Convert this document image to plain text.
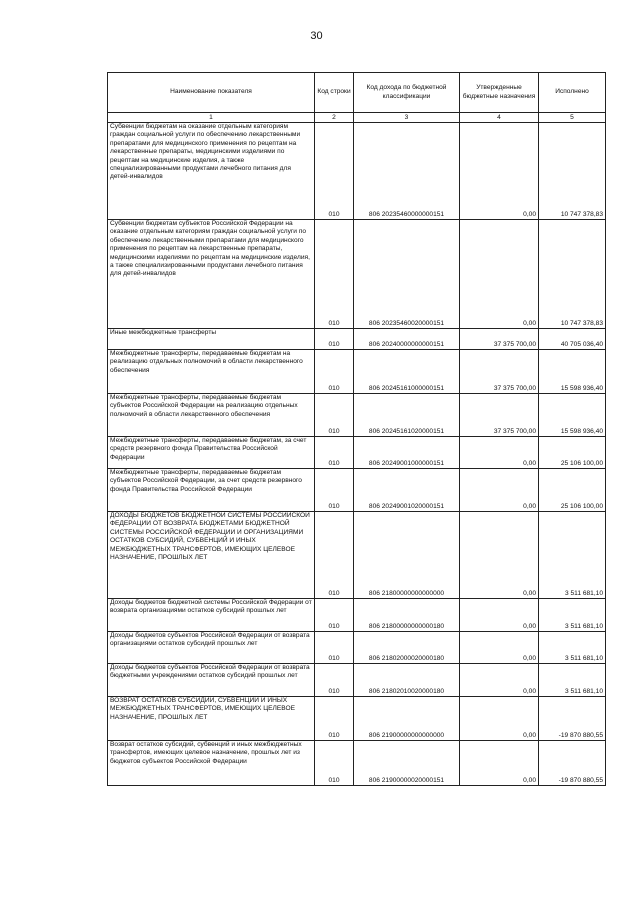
30
Наименование показателя	Код строки	Код дохода по бюджетной классификации	Утвержденные бюджетные назначения	Исполнено
1	2	3	4	5
Субвенции бюджетам на оказание отдельным категориям граждан социальной услуги по обеспечению лекарственными препаратами для медицинского применения по рецептам на лекарственные препараты, медицинскими изделиями по рецептам на медицинские изделия, а также специализированными продуктами лечебного питания для детей-инвалидов	010	806 20235460000000151	0,00	10 747 378,83
Субвенции бюджетам субъектов Российской Федерации на оказание отдельным категориям граждан социальной услуги по обеспечению лекарственными препаратами для медицинского применения по рецептам на лекарственные препараты, медицинскими изделиями по рецептам на медицинские изделия, а также специализированными продуктами лечебного питания для детей-инвалидов	010	806 20235460020000151	0,00	10 747 378,83
Иные межбюджетные трансферты	010	806 20240000000000151	37 375 700,00	40 705 036,40
Межбюджетные трансферты, передаваемые бюджетам на реализацию отдельных полномочий в области лекарственного обеспечения	010	806 20245161000000151	37 375 700,00	15 598 936,40
Межбюджетные трансферты, передаваемые бюджетам субъектов Российской Федерации на реализацию отдельных полномочий в области лекарственного обеспечения	010	806 20245161020000151	37 375 700,00	15 598 936,40
Межбюджетные трансферты, передаваемые бюджетам, за счет средств резервного фонда Правительства Российской Федерации	010	806 20249001000000151	0,00	25 106 100,00
Межбюджетные трансферты, передаваемые бюджетам субъектов Российской Федерации, за счет средств резервного фонда Правительства Российской Федерации	010	806 20249001020000151	0,00	25 106 100,00
ДОХОДЫ БЮДЖЕТОВ БЮДЖЕТНОЙ СИСТЕМЫ РОССИЙСКОЙ ФЕДЕРАЦИИ ОТ ВОЗВРАТА БЮДЖЕТАМИ БЮДЖЕТНОЙ СИСТЕМЫ РОССИЙСКОЙ ФЕДЕРАЦИИ И ОРГАНИЗАЦИЯМИ ОСТАТКОВ СУБСИДИЙ, СУБВЕНЦИЙ И ИНЫХ МЕЖБЮДЖЕТНЫХ ТРАНСФЕРТОВ, ИМЕЮЩИХ ЦЕЛЕВОЕ НАЗНАЧЕНИЕ, ПРОШЛЫХ ЛЕТ	010	806 21800000000000000	0,00	3 511 681,10
Доходы бюджетов бюджетной системы Российской Федерации от возврата организациями остатков субсидий прошлых лет	010	806 21800000000000180	0,00	3 511 681,10
Доходы бюджетов субъектов Российской Федерации от возврата организациями остатков субсидий прошлых лет	010	806 21802000020000180	0,00	3 511 681,10
Доходы бюджетов субъектов Российской Федерации от возврата бюджетными учреждениями остатков субсидий прошлых лет	010	806 21802010020000180	0,00	3 511 681,10
ВОЗВРАТ ОСТАТКОВ СУБСИДИЙ, СУБВЕНЦИЙ И ИНЫХ МЕЖБЮДЖЕТНЫХ ТРАНСФЕРТОВ, ИМЕЮЩИХ ЦЕЛЕВОЕ НАЗНАЧЕНИЕ, ПРОШЛЫХ ЛЕТ	010	806 21900000000000000	0,00	-19 870 880,55
Возврат остатков субсидий, субвенций и иных межбюджетных трансфертов, имеющих целевое назначение, прошлых лет из бюджетов субъектов Российской Федерации	010	806 21900000020000151	0,00	-19 870 880,55
